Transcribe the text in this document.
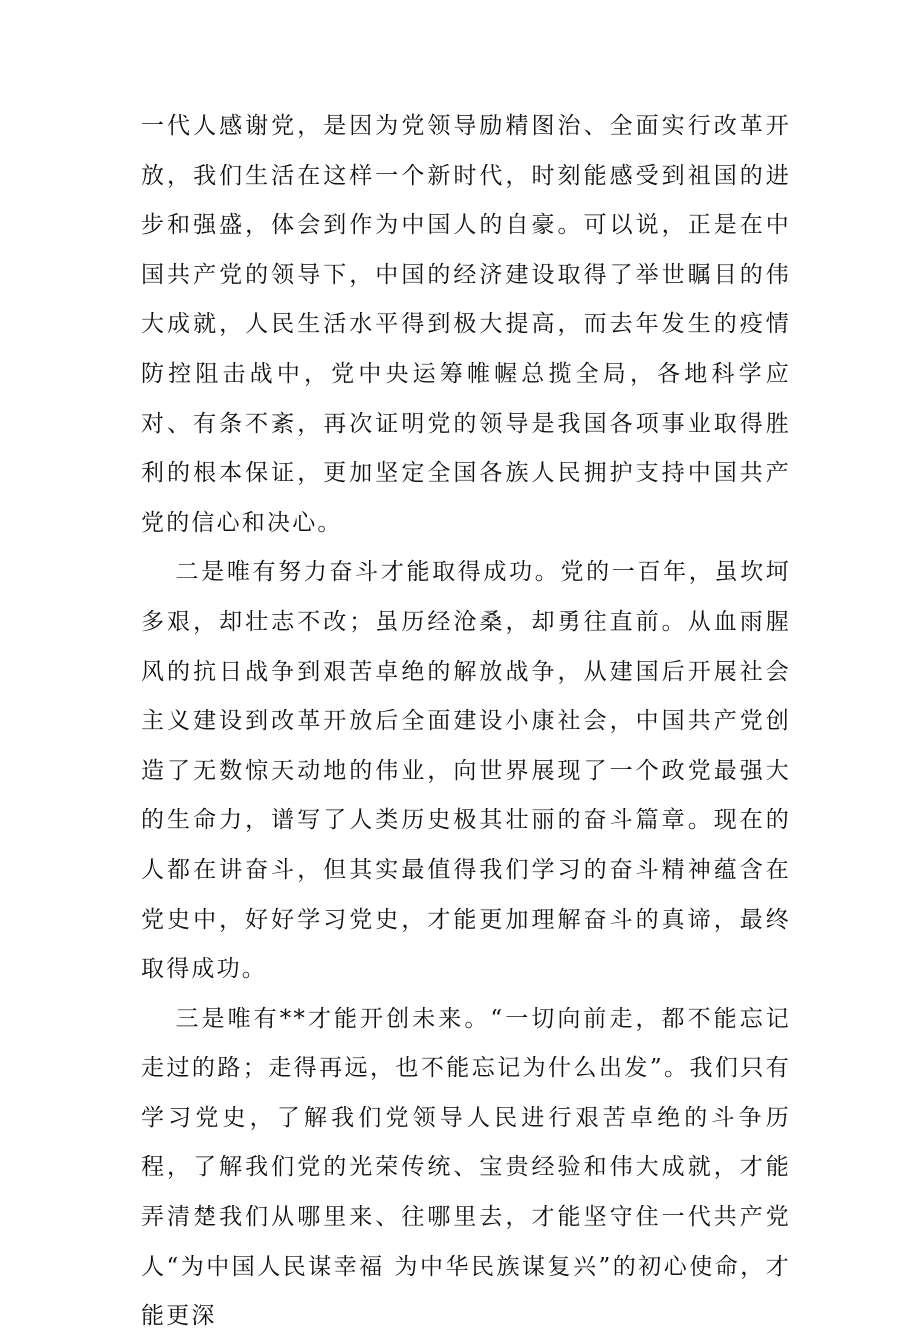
一代人感谢党，是因为党领导励精图治、全面实行改革开放，我们生活在这样一个新时代，时刻能感受到祖国的进步和强盛，体会到作为中国人的自豪。可以说，正是在中国共产党的领导下，中国的经济建设取得了举世瞩目的伟大成就，人民生活水平得到极大提高，而去年发生的疫情防控阻击战中，党中央运筹帷幄总揽全局，各地科学应对、有条不紊，再次证明党的领导是我国各项事业取得胜利的根本保证，更加坚定全国各族人民拥护支持中国共产党的信心和决心。

二是唯有努力奋斗才能取得成功。党的一百年，虽坎坷多艰，却壮志不改；虽历经沧桑，却勇往直前。从血雨腥风的抗日战争到艰苦卓绝的解放战争，从建国后开展社会主义建设到改革开放后全面建设小康社会，中国共产党创造了无数惊天动地的伟业，向世界展现了一个政党最强大的生命力，谱写了人类历史极其壮丽的奋斗篇章。现在的人都在讲奋斗，但其实最值得我们学习的奋斗精神蕴含在党史中，好好学习党史，才能更加理解奋斗的真谛，最终取得成功。

三是唯有**才能开创未来。“一切向前走，都不能忘记走过的路；走得再远，也不能忘记为什么出发”。我们只有学习党史，了解我们党领导人民进行艰苦卓绝的斗争历程，了解我们党的光荣传统、宝贵经验和伟大成就，才能弄清楚我们从哪里来、往哪里去，才能坚守住一代共产党人“为中国人民谋幸福 为中华民族谋复兴”的初心使命，才能更深
